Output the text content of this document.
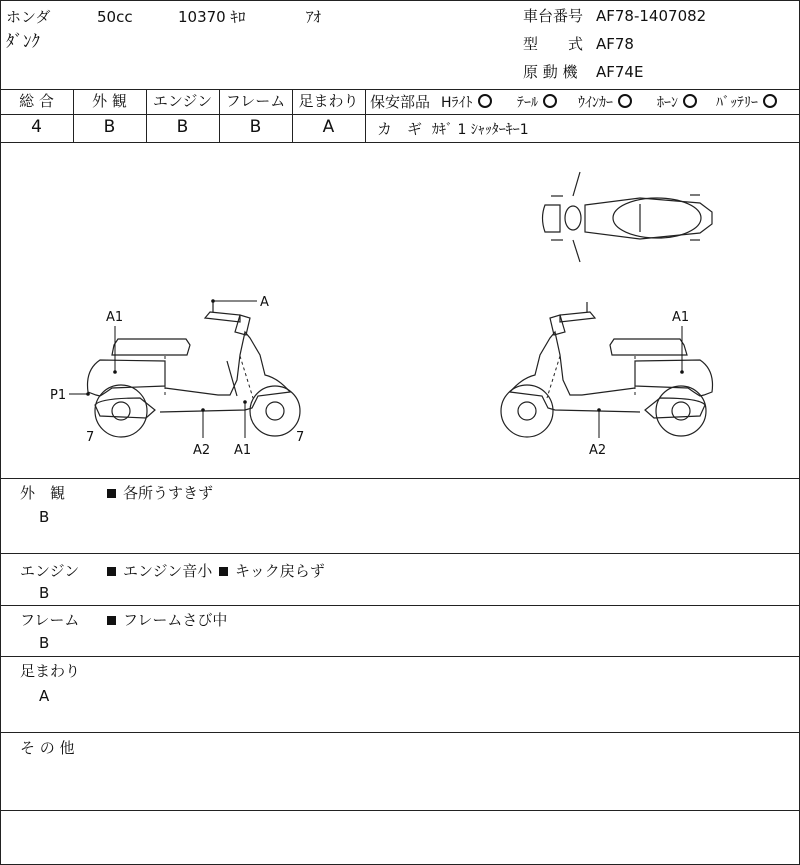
ホンダ	50cc	10370 ｷﾛ	ｱｵ
ﾀﾞﾝｸ
車台番号 AF78-1407082
型　　式 AF78
原 動 機 AF74E
総 合
4
外 観
B
エンジン
B
フレーム
B
足まわり
A
保安部品 Hﾗｲﾄ	ﾃｰﾙ	ｳｲﾝｶｰ	ﾎｰﾝ	ﾊﾞｯﾃﾘｰ
カ　ギ ｶｷﾞ 1 ｼｬｯﾀｰｷｰ1
A
A1
P1
7
A2 A1
7
A1
A2
外　観
B
各所うすきず
エンジン
B
エンジン音小	キック戻らず
フレーム
B
フレームさび中
足まわり
A
そ の 他
